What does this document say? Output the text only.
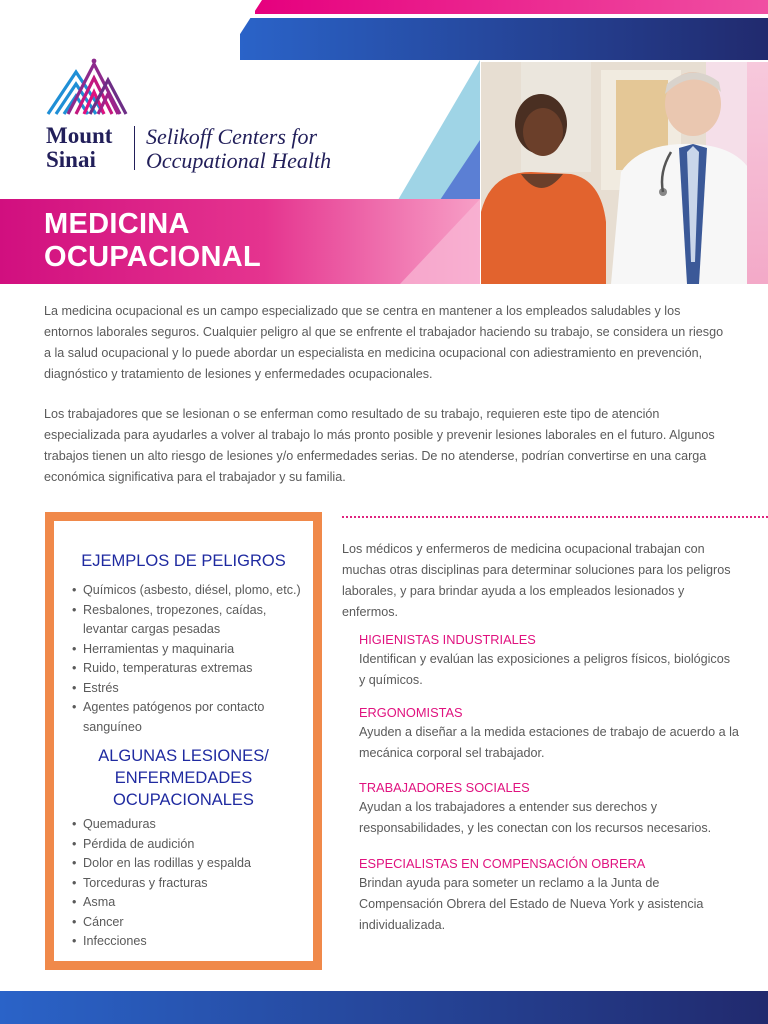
Mount
Sinai
Selikoff Centers for
Occupational Health
MEDICINA
OCUPACIONAL

La medicina ocupacional es un campo especializado que se centra en mantener a los empleados saludables y los entornos laborales seguros. Cualquier peligro al que se enfrente el trabajador haciendo su trabajo, se considera un riesgo a la salud ocupacional y lo puede abordar un especialista en medicina ocupacional con adiestramiento en prevención, diagnóstico y tratamiento de lesiones y enfermedades ocupacionales.

Los trabajadores que se lesionan o se enferman como resultado de su trabajo, requieren este tipo de atención especializada para ayudarles a volver al trabajo lo más pronto posible y prevenir lesiones laborales en el futuro. Algunos trabajos tienen un alto riesgo de lesiones y/o enfermedades serias. De no atenderse, podrían convertirse en una carga económica significativa para el trabajador y su familia.

EJEMPLOS DE PELIGROS
• Químicos (asbesto, diésel, plomo, etc.)
• Resbalones, tropezones, caídas, levantar cargas pesadas
• Herramientas y maquinaria
• Ruido, temperaturas extremas
• Estrés
• Agentes patógenos por contacto sanguíneo
ALGUNAS LESIONES/
ENFERMEDADES
OCUPACIONALES
• Quemaduras
• Pérdida de audición
• Dolor en las rodillas y espalda
• Torceduras y fracturas
• Asma
• Cáncer
• Infecciones

Los médicos y enfermeros de medicina ocupacional trabajan con muchas otras disciplinas para determinar soluciones para los peligros laborales, y para brindar ayuda a los empleados lesionados y enfermos.

HIGIENISTAS INDUSTRIALES
Identifican y evalúan las exposiciones a peligros físicos, biológicos y químicos.
ERGONOMISTAS
Ayuden a diseñar a la medida estaciones de trabajo de acuerdo a la mecánica corporal sel trabajador.
TRABAJADORES SOCIALES
Ayudan a los trabajadores a entender sus derechos y responsabilidades, y les conectan con los recursos necesarios.
ESPECIALISTAS EN COMPENSACIÓN OBRERA
Brindan ayuda para someter un reclamo a la Junta de Compensación Obrera del Estado de Nueva York y asistencia individualizada.
